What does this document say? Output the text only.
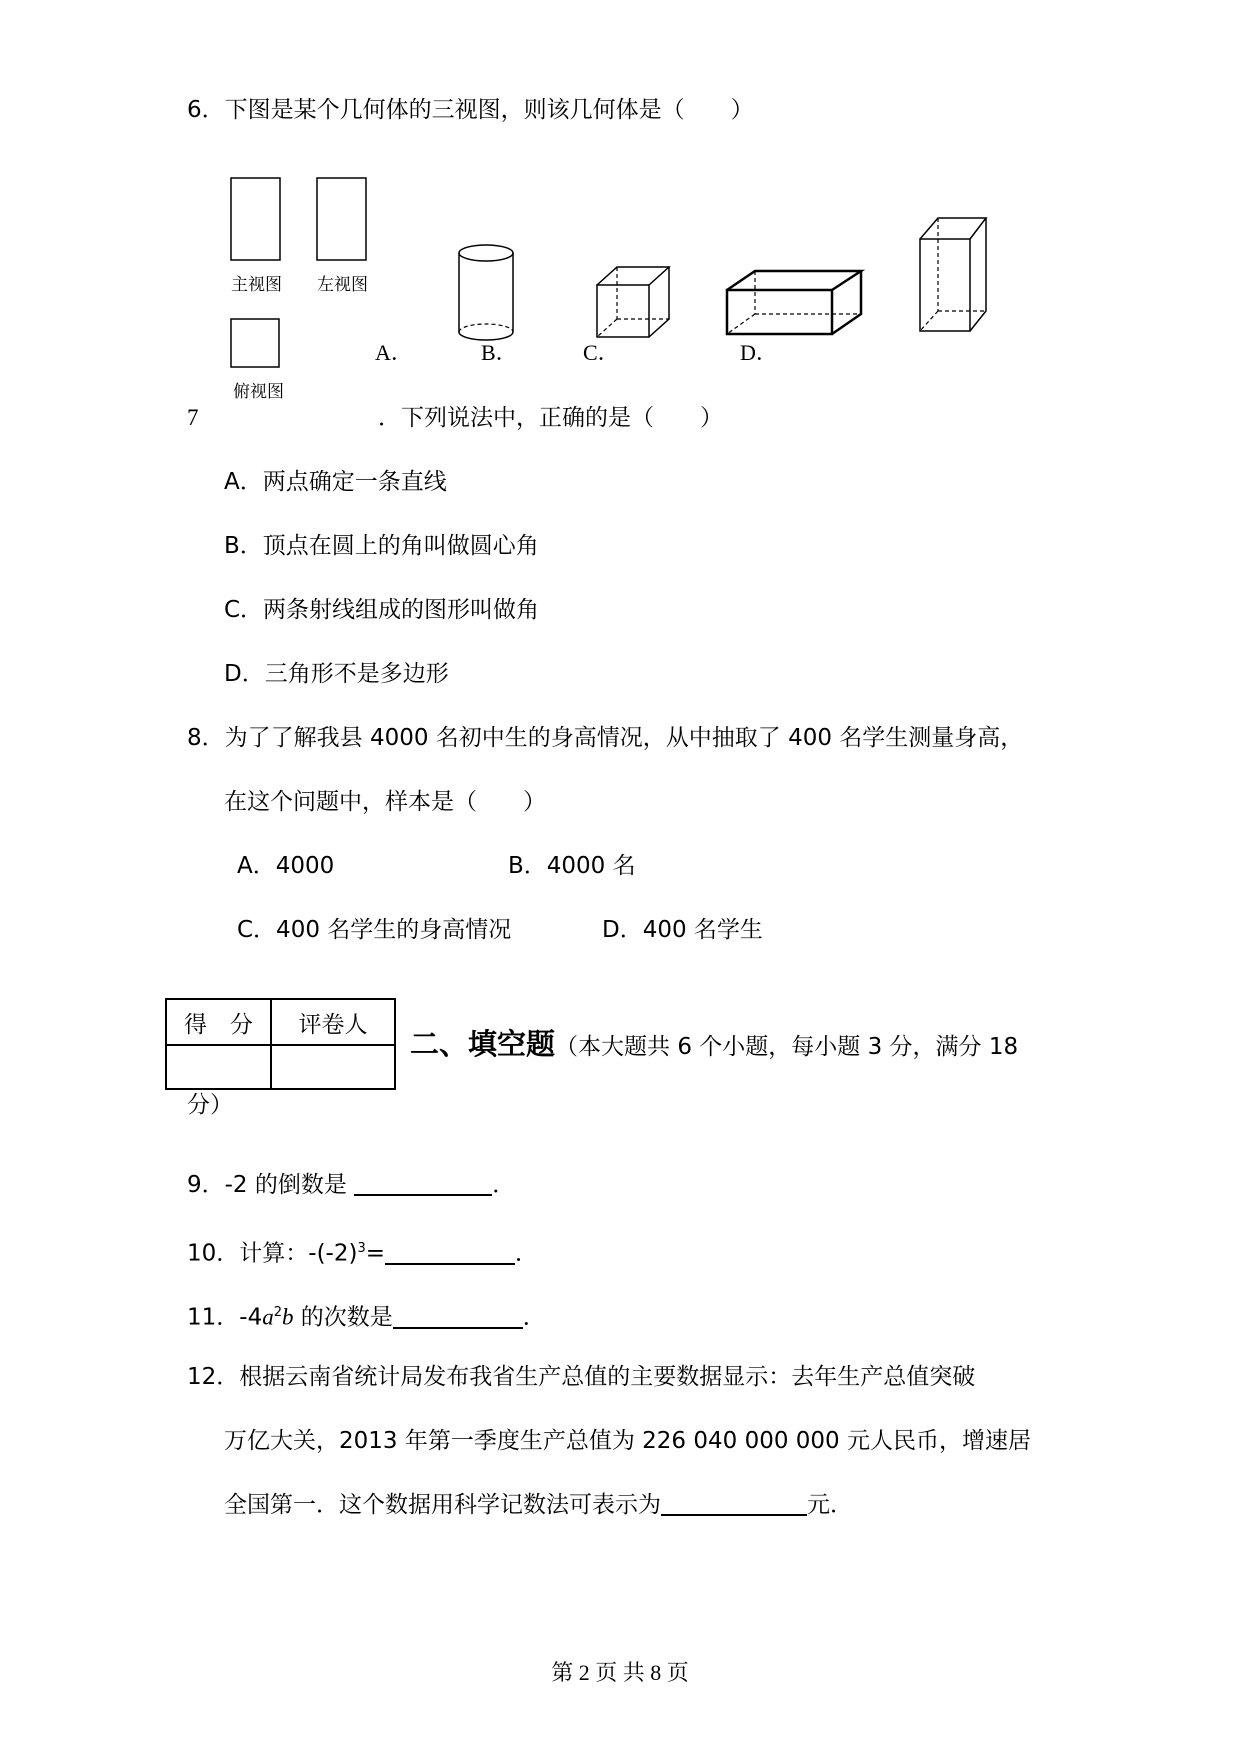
6．下图是某个几何体的三视图，则该几何体是（　　）
主视图 左视图
俯视图
A．	B．	C．	D．
7	．下列说法中，正确的是（　　）
A．两点确定一条直线
B．顶点在圆上的角叫做圆心角
C．两条射线组成的图形叫做角
D．三角形不是多边形
8．为了了解我县 4000 名初中生的身高情况，从中抽取了 400 名学生测量身高，
在这个问题中，样本是（　　）
A．4000	B．4000 名
C．400 名学生的身高情况	D．400 名学生
得　分	评卷人

二、填空题（本大题共 6 个小题，每小题 3 分，满分 18
分）
9．-2 的倒数是	．
10．计算：$-(-2)^3=$	．
11．$-4a^2b$ 的次数是	．
12．根据云南省统计局发布我省生产总值的主要数据显示：去年生产总值突破
万亿大关，2013 年第一季度生产总值为 226 040 000 000 元人民币，增速居
全国第一．这个数据用科学记数法可表示为	元．
第 2 页 共 8 页
